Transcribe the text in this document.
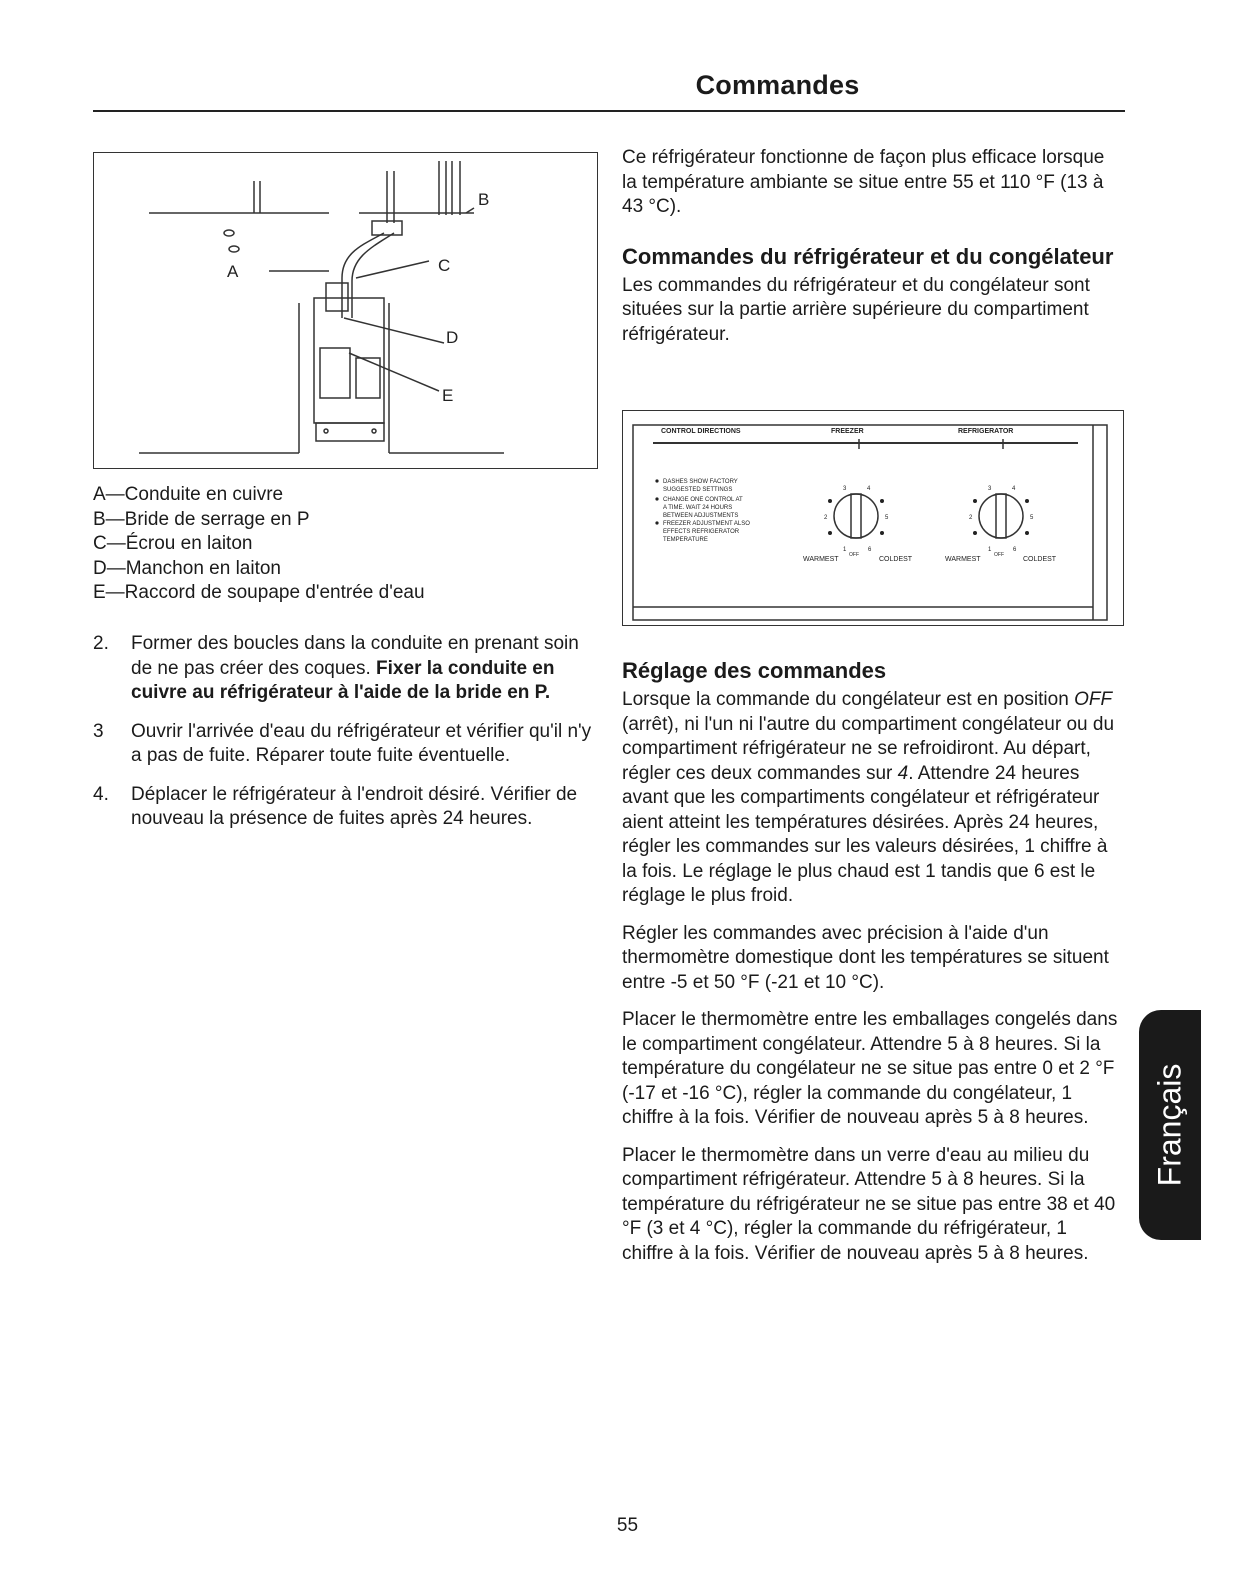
Commandes
B
A	C
D
E

A—Conduite en cuivre

B—Bride de serrage en P

C—Écrou en laiton

D—Manchon en laiton

E—Raccord de soupape d'entrée d'eau

2. Former des boucles dans la conduite en prenant soin de ne pas créer des coques. Fixer la conduite en cuivre au réfrigérateur à l'aide de la bride en P.
3 Ouvrir l'arrivée d'eau du réfrigérateur et vérifier qu'il n'y a pas de fuite. Réparer toute fuite éventuelle.
4. Déplacer le réfrigérateur à l'endroit désiré. Vérifier de nouveau la présence de fuites après 24 heures.

Ce réfrigérateur fonctionne de façon plus efficace lorsque la température ambiante se situe entre 55 et 110 °F (13 à 43 °C).

Commandes du réfrigérateur et du congélateur

Les commandes du réfrigérateur et du congélateur sont situées sur la partie arrière supérieure du compartiment réfrigérateur.

CONTROL DIRECTIONS	FREEZER	REFRIGERATOR
DASHES SHOW FACTORY
SUGGESTED SETTINGS
CHANGE ONE CONTROL AT
A TIME. WAIT 24 HOURS
BETWEEN ADJUSTMENTS
FREEZER ADJUSTMENT ALSO
EFFECTS REFRIGERATOR
TEMPERATURE
3	4
2	5
1	6
WARMEST
OFF
COLDEST
3	4
2	5
1	6
WARMEST
OFF
COLDEST
Réglage des commandes

Lorsque la commande du congélateur est en position OFF (arrêt), ni l'un ni l'autre du compartiment congélateur ou du compartiment réfrigérateur ne se refroidiront. Au départ, régler ces deux commandes sur 4. Attendre 24 heures avant que les compartiments congélateur et réfrigérateur aient atteint les températures désirées. Après 24 heures, régler les commandes sur les valeurs désirées, 1 chiffre à la fois. Le réglage le plus chaud est 1 tandis que 6 est le réglage le plus froid.

Régler les commandes avec précision à l'aide d'un thermomètre domestique dont les températures se situent entre -5 et 50 °F (-21 et 10 °C).

Placer le thermomètre entre les emballages congelés dans le compartiment congélateur. Attendre 5 à 8 heures. Si la température du congélateur ne se situe pas entre 0 et 2 °F (-17 et -16 °C), régler la commande du congélateur, 1 chiffre à la fois. Vérifier de nouveau après 5 à 8 heures.

Placer le thermomètre dans un verre d'eau au milieu du compartiment réfrigérateur. Attendre 5 à 8 heures. Si la température du réfrigérateur ne se situe pas entre 38 et 40 °F (3 et 4 °C), régler la commande du réfrigérateur, 1 chiffre à la fois. Vérifier de nouveau après 5 à 8 heures.

Français
55
